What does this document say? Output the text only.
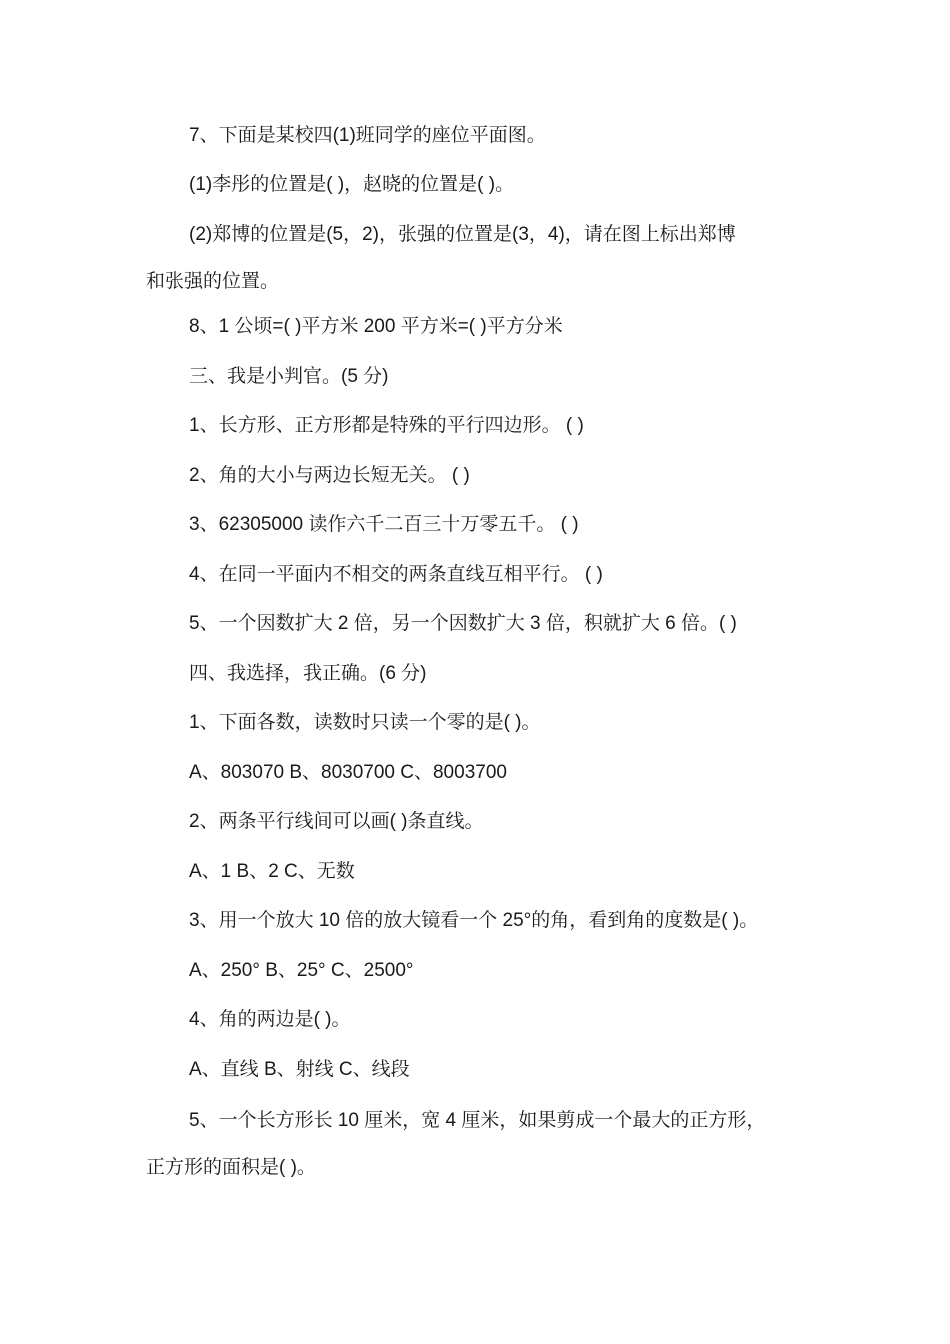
7、下面是某校四(1)班同学的座位平面图。
(1)李彤的位置是( )，赵晓的位置是( )。
(2)郑博的位置是(5，2)，张强的位置是(3，4)，请在图上标出郑博
和张强的位置。
8、1 公顷=( )平方米 200 平方米=( )平方分米
三、我是小判官。(5 分)
1、长方形、正方形都是特殊的平行四边形。 ( )
2、角的大小与两边长短无关。 ( )
3、62305000 读作六千二百三十万零五千。 ( )
4、在同一平面内不相交的两条直线互相平行。 ( )
5、一个因数扩大 2 倍，另一个因数扩大 3 倍，积就扩大 6 倍。( )
四、我选择，我正确。(6 分)
1、下面各数，读数时只读一个零的是( )。
A、803070 B、8030700 C、8003700
2、两条平行线间可以画( )条直线。
A、1 B、2 C、无数
3、用一个放大 10 倍的放大镜看一个 25°的角，看到角的度数是( )。
A、250° B、25° C、2500°
4、角的两边是( )。
A、直线 B、射线 C、线段
5、一个长方形长 10 厘米，宽 4 厘米，如果剪成一个最大的正方形，
正方形的面积是( )。
